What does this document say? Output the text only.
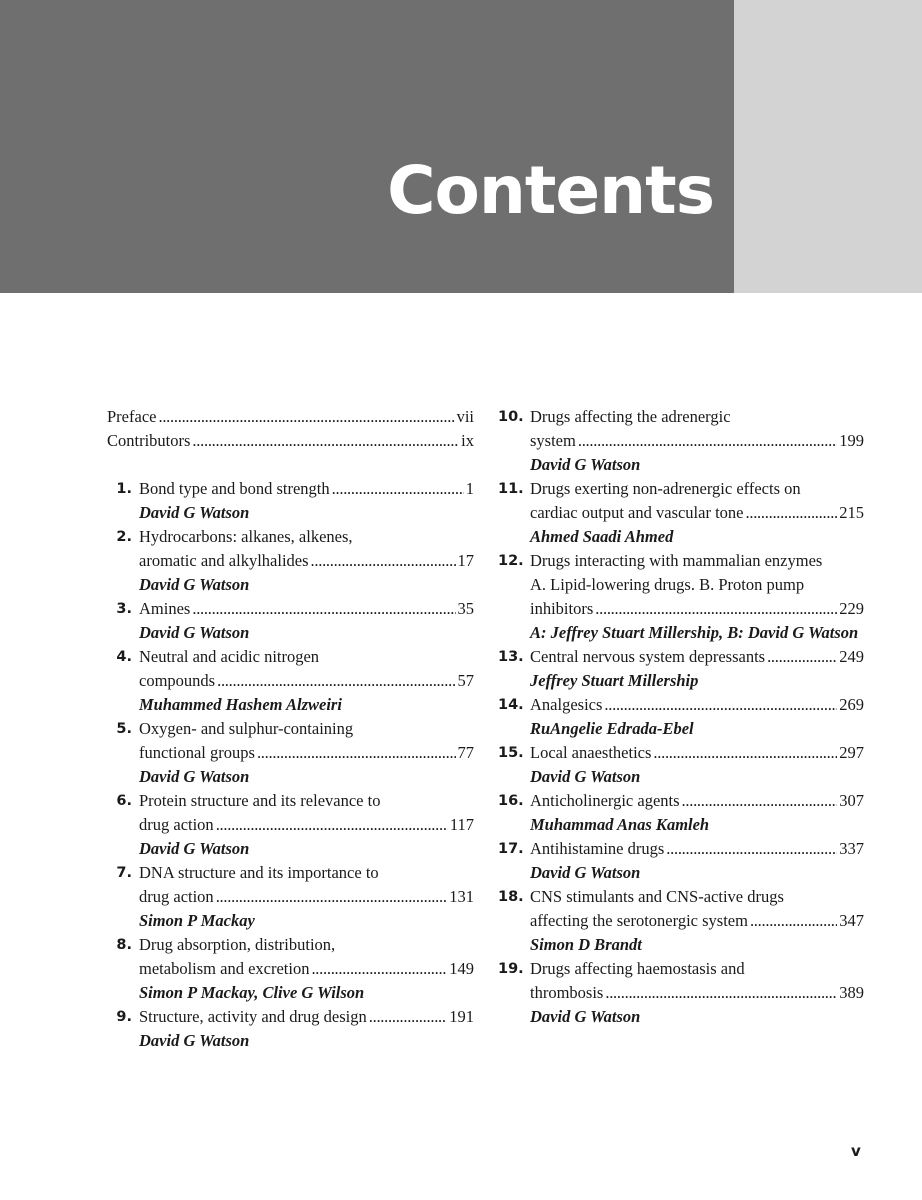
Contents
Preface . . .	vii
Contributors . . .	ix
1. Bond type and bond strength . . .	1
David G Watson
2. Hydrocarbons: alkanes, alkenes,
aromatic and alkylhalides . . .	17
David G Watson
3. Amines . . .	35
David G Watson
4. Neutral and acidic nitrogen
compounds . . .	57
Muhammed Hashem Alzweiri
5. Oxygen- and sulphur-containing
functional groups . . .	77
David G Watson
6. Protein structure and its relevance to
drug action . . .	117
David G Watson
7. DNA structure and its importance to
drug action . . .	131
Simon P Mackay
8. Drug absorption, distribution,
metabolism and excretion . . .	149
Simon P Mackay, Clive G Wilson
9. Structure, activity and drug design . . .	191
David G Watson
10. Drugs affecting the adrenergic
system . . .	199
David G Watson
11. Drugs exerting non-adrenergic effects on
cardiac output and vascular tone . . .	215
Ahmed Saadi Ahmed
12. Drugs interacting with mammalian enzymes
A. Lipid-lowering drugs. B. Proton pump
inhibitors . . .	229
A: Jeffrey Stuart Millership, B: David G Watson
13. Central nervous system depressants . . .	249
Jeffrey Stuart Millership
14. Analgesics . . .	269
RuAngelie Edrada-Ebel
15. Local anaesthetics . . .	297
David G Watson
16. Anticholinergic agents . . .	307
Muhammad Anas Kamleh
17. Antihistamine drugs . . .	337
David G Watson
18. CNS stimulants and CNS-active drugs
affecting the serotonergic system . . .	347
Simon D Brandt
19. Drugs affecting haemostasis and
thrombosis . . .	389
David G Watson
v
